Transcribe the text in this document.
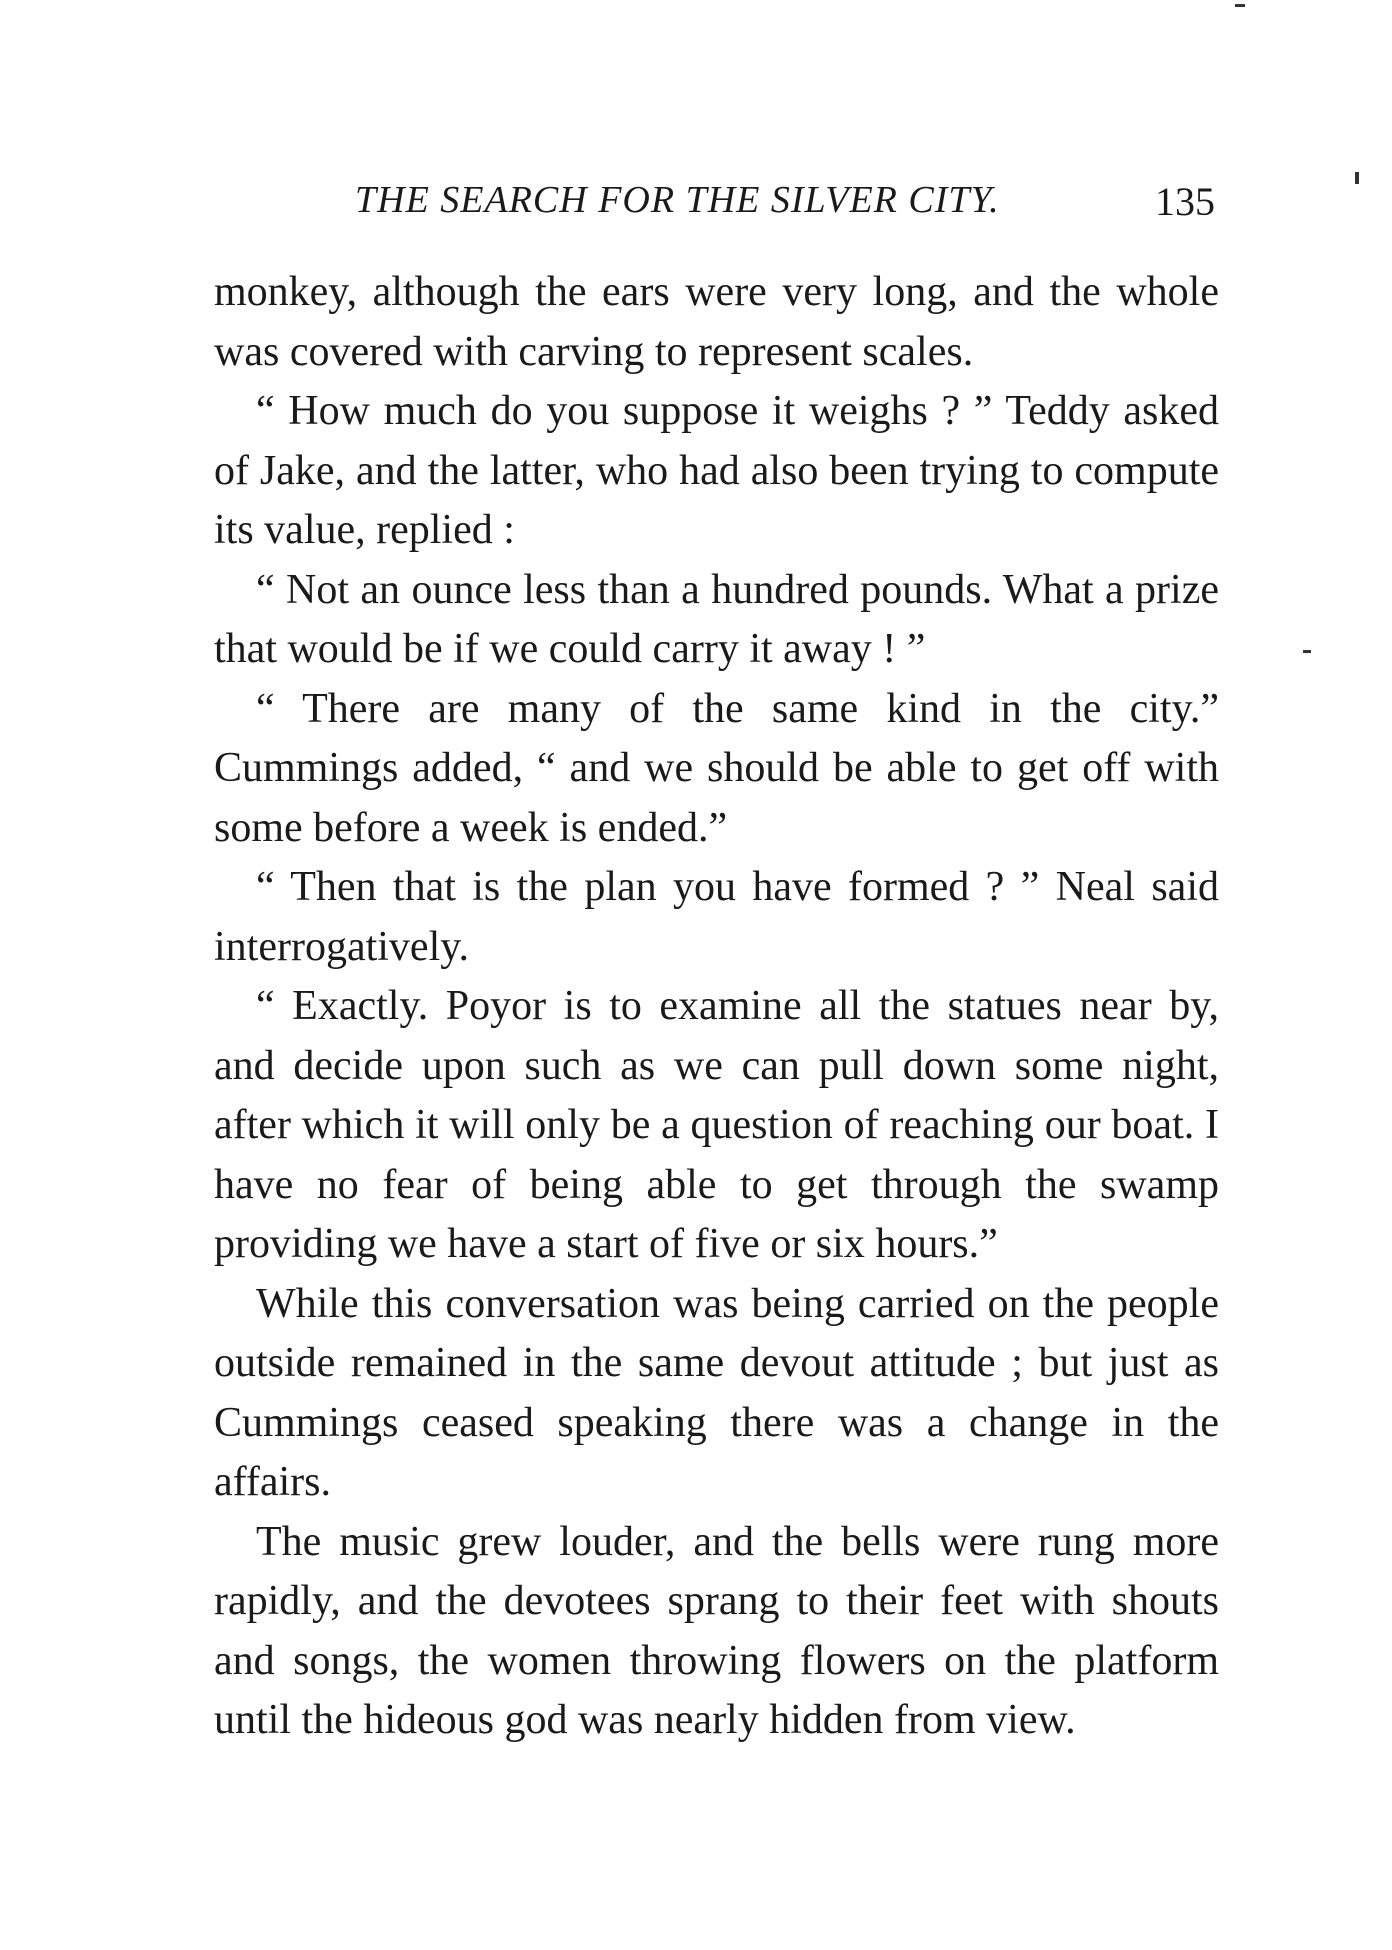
THE SEARCH FOR THE SILVER CITY.	135

monkey, although the ears were very long, and the whole was covered with carving to represent scales.

“ How much do you suppose it weighs ? ” Teddy asked of Jake, and the latter, who had also been trying to compute its value, replied :

“ Not an ounce less than a hundred pounds. What a prize that would be if we could carry it away ! ”

“ There are many of the same kind in the city.” Cummings added, “ and we should be able to get off with some before a week is ended.”

“ Then that is the plan you have formed ? ” Neal said interrogatively.

“ Exactly. Poyor is to examine all the statues near by, and decide upon such as we can pull down some night, after which it will only be a question of reaching our boat. I have no fear of being able to get through the swamp providing we have a start of five or six hours.”

While this conversation was being carried on the people outside remained in the same devout attitude ; but just as Cummings ceased speaking there was a change in the affairs.

The music grew louder, and the bells were rung more rapidly, and the devotees sprang to their feet with shouts and songs, the women throwing flowers on the platform until the hideous god was nearly hidden from view.
